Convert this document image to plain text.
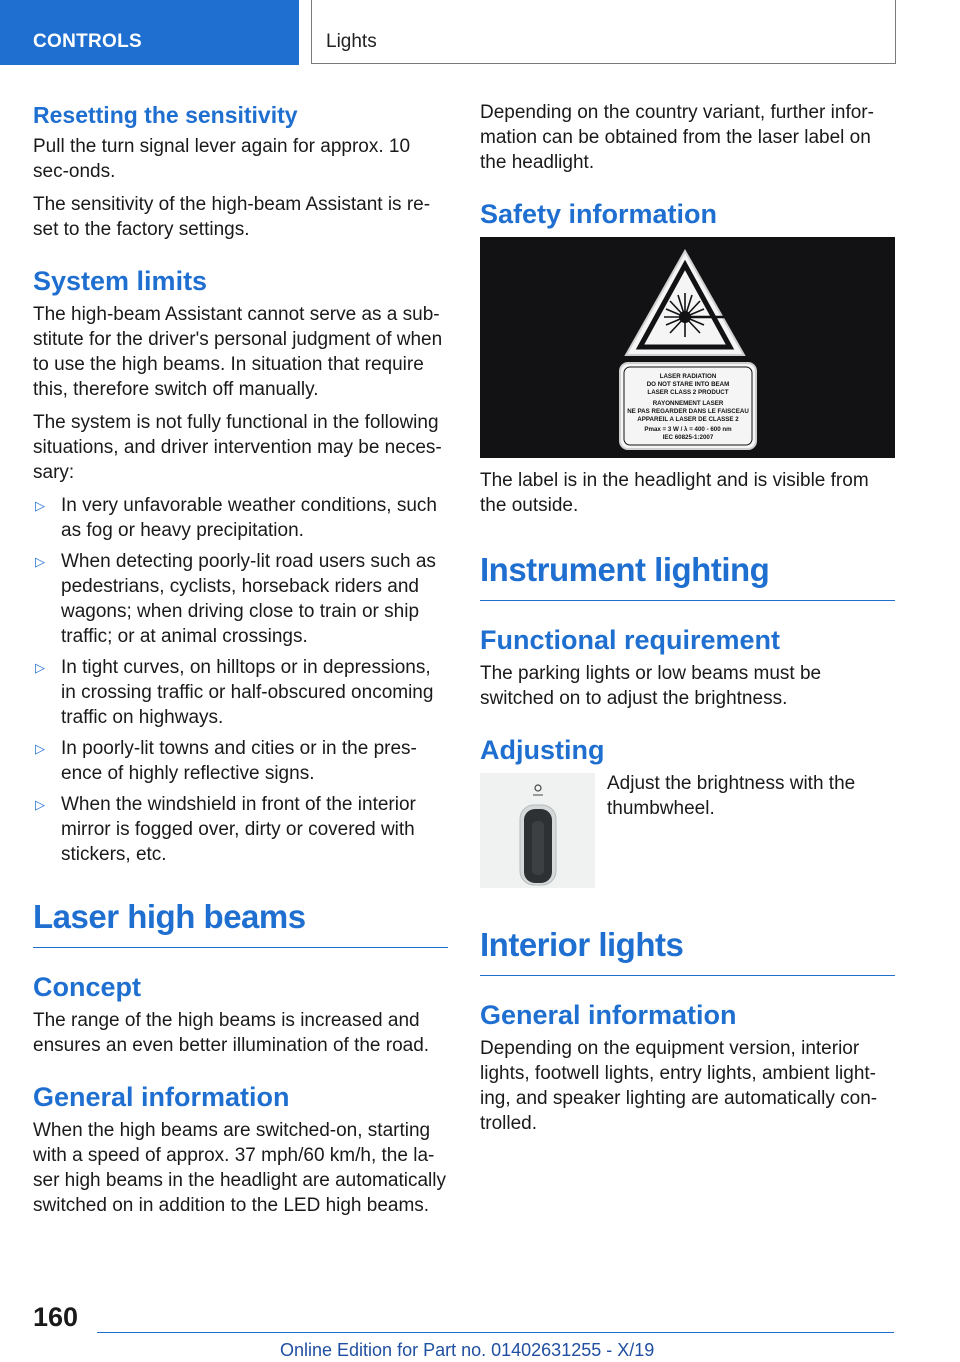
CONTROLS	Lights
Resetting the sensitivity

Pull the turn signal lever again for approx. 10 sec‐onds.

The sensitivity of the high-beam Assistant is re‐set to the factory settings.

System limits

The high-beam Assistant cannot serve as a sub‐stitute for the driver's personal judgment of when to use the high beams. In situation that require this, therefore switch off manually.

The system is not fully functional in the following situations, and driver intervention may be neces‐sary:

▷ In very unfavorable weather conditions, such as fog or heavy precipitation.
▷ When detecting poorly-lit road users such as pedestrians, cyclists, horseback riders and wagons; when driving close to train or ship traffic; or at animal crossings.
▷ In tight curves, on hilltops or in depressions, in crossing traffic or half-obscured oncoming traffic on highways.
▷ In poorly-lit towns and cities or in the pres‐ence of highly reflective signs.
▷ When the windshield in front of the interior mirror is fogged over, dirty or covered with stickers, etc.
Laser high beams
Concept

The range of the high beams is increased and ensures an even better illumination of the road.

General information

When the high beams are switched-on, starting with a speed of approx. 37 mph/60 km/h, the la‐ser high beams in the headlight are automatically switched on in addition to the LED high beams.

Depending on the country variant, further infor‐mation can be obtained from the laser label on the headlight.

Safety information
LASER RADIATION
DO NOT STARE INTO BEAM
LASER CLASS 2 PRODUCT
RAYONNEMENT LASER
NE PAS REGARDER DANS LE FAISCEAU
APPAREIL A LASER DE CLASSE 2
Pmax = 3 W / λ = 400 - 600 nm
IEC 60825-1:2007

The label is in the headlight and is visible from the outside.

Instrument lighting
Functional requirement

The parking lights or low beams must be switched on to adjust the brightness.

Adjusting

Adjust the brightness with the thumbwheel.

Interior lights
General information

Depending on the equipment version, interior lights, footwell lights, entry lights, ambient light‐ing, and speaker lighting are automatically con‐trolled.

160
Online Edition for Part no. 01402631255 - X/19
